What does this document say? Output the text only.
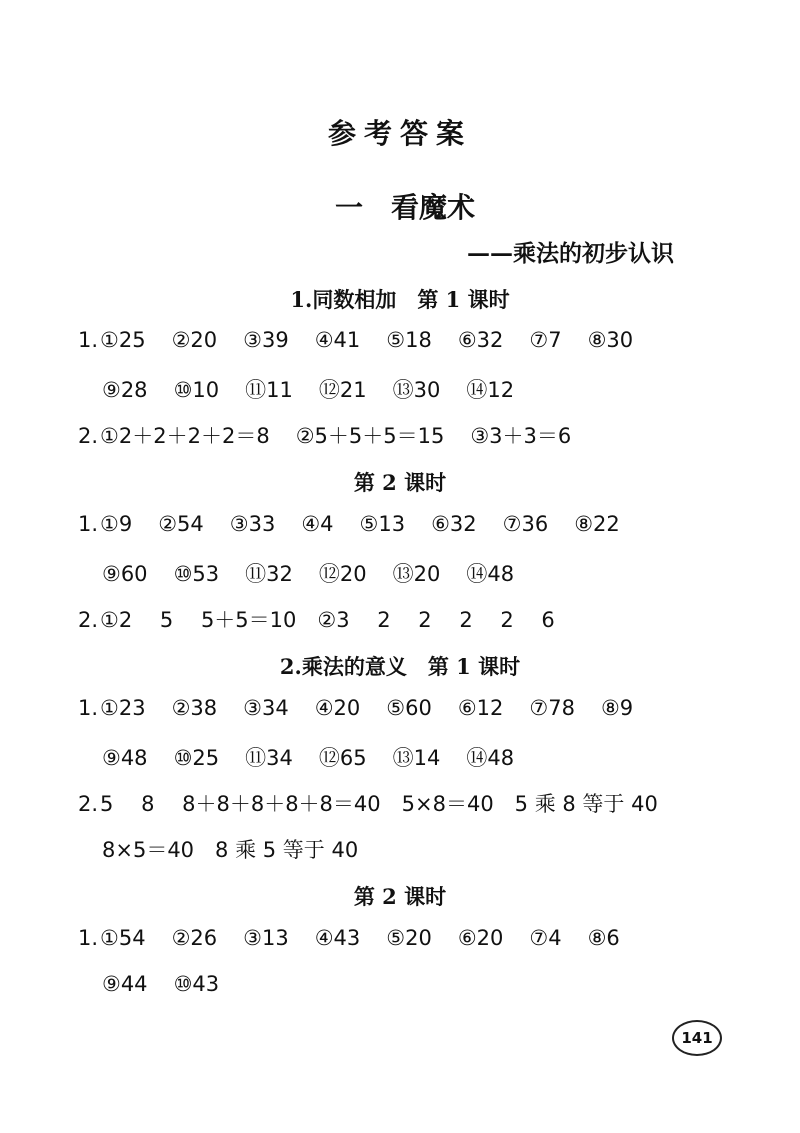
参考答案
一　看魔术
——乘法的初步认识
1.同数相加　第 1 课时
1.①25 ②20 ③39 ④41 ⑤18 ⑥32 ⑦7 ⑧30
⑨28 ⑩10 ⑪11 ⑫21 ⑬30 ⑭12
2.①2＋2＋2＋2＝8 ②5＋5＋5＝15 ③3＋3＝6
第 2 课时
1.①9 ②54 ③33 ④4 ⑤13 ⑥32 ⑦36 ⑧22
⑨60 ⑩53 ⑪32 ⑫20 ⑬20 ⑭48
2.①2　 5　 5＋5＝10　②3　 2　 2　 2　 2　 6
2.乘法的意义　第 1 课时
1.①23 ②38 ③34 ④20 ⑤60 ⑥12 ⑦78 ⑧9
⑨48 ⑩25 ⑪34 ⑫65 ⑬14 ⑭48
2.5　 8　 8＋8＋8＋8＋8＝40　5×8＝40　5 乘 8 等于 40
8×5＝40　8 乘 5 等于 40
第 2 课时
1.①54 ②26 ③13 ④43 ⑤20 ⑥20 ⑦4 ⑧6
⑨44 ⑩43
141
